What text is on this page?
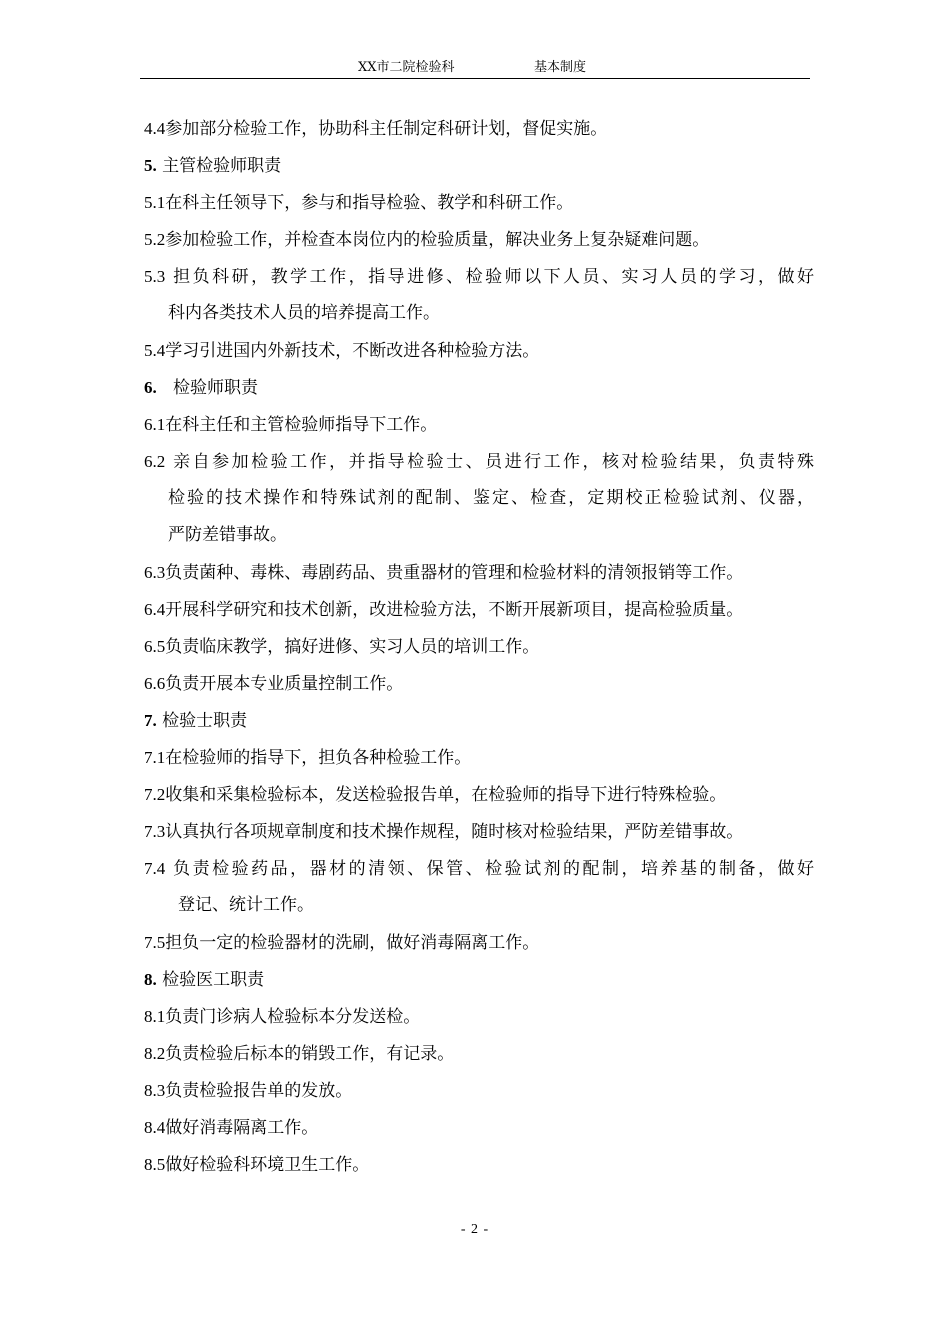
XX市二院检验科	基本制度
4.4参加部分检验工作，协助科主任制定科研计划，督促实施。
5. 主管检验师职责
5.1在科主任领导下，参与和指导检验、教学和科研工作。
5.2参加检验工作，并检查本岗位内的检验质量，解决业务上复杂疑难问题。
5.3 担负科研，教学工作，指导进修、检验师以下人员、实习人员的学习，做好
科内各类技术人员的培养提高工作。
5.4学习引进国内外新技术，不断改进各种检验方法。
6. 检验师职责
6.1在科主任和主管检验师指导下工作。
6.2 亲自参加检验工作，并指导检验士、员进行工作，核对检验结果，负责特殊
检验的技术操作和特殊试剂的配制、鉴定、检查，定期校正检验试剂、仪器，
严防差错事故。
6.3负责菌种、毒株、毒剧药品、贵重器材的管理和检验材料的清领报销等工作。
6.4开展科学研究和技术创新，改进检验方法，不断开展新项目，提高检验质量。
6.5负责临床教学，搞好进修、实习人员的培训工作。
6.6负责开展本专业质量控制工作。
7. 检验士职责
7.1在检验师的指导下，担负各种检验工作。
7.2收集和采集检验标本，发送检验报告单，在检验师的指导下进行特殊检验。
7.3认真执行各项规章制度和技术操作规程，随时核对检验结果，严防差错事故。
7.4 负责检验药品，器材的清领、保管、检验试剂的配制，培养基的制备，做好
登记、统计工作。
7.5担负一定的检验器材的洗刷，做好消毒隔离工作。
8. 检验医工职责
8.1负责门诊病人检验标本分发送检。
8.2负责检验后标本的销毁工作，有记录。
8.3负责检验报告单的发放。
8.4做好消毒隔离工作。
8.5做好检验科环境卫生工作。
- 2 -
